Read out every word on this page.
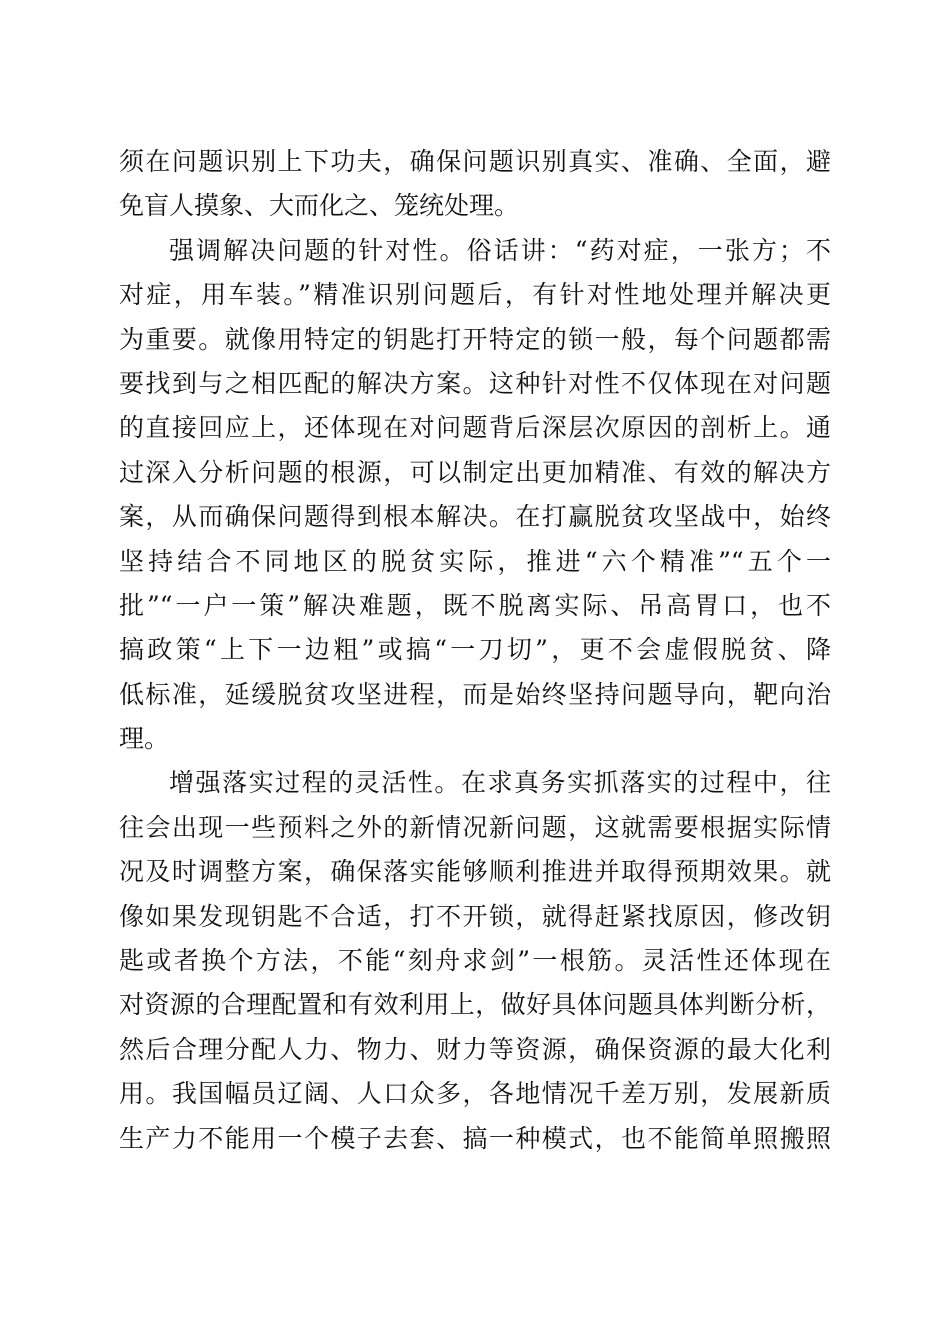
须在问题识别上下功夫，确保问题识别真实、准确、全面，避
免盲人摸象、大而化之、笼统处理。
强调解决问题的针对性。俗话讲：“药对症，一张方；不
对症，用车装。”精准识别问题后，有针对性地处理并解决更
为重要。就像用特定的钥匙打开特定的锁一般，每个问题都需
要找到与之相匹配的解决方案。这种针对性不仅体现在对问题
的直接回应上，还体现在对问题背后深层次原因的剖析上。通
过深入分析问题的根源，可以制定出更加精准、有效的解决方
案，从而确保问题得到根本解决。在打赢脱贫攻坚战中，始终
坚持结合不同地区的脱贫实际，推进“六个精准”“五个一
批”“一户一策”解决难题，既不脱离实际、吊高胃口，也不
搞政策“上下一边粗”或搞“一刀切”，更不会虚假脱贫、降
低标准，延缓脱贫攻坚进程，而是始终坚持问题导向，靶向治
理。
增强落实过程的灵活性。在求真务实抓落实的过程中，往
往会出现一些预料之外的新情况新问题，这就需要根据实际情
况及时调整方案，确保落实能够顺利推进并取得预期效果。就
像如果发现钥匙不合适，打不开锁，就得赶紧找原因，修改钥
匙或者换个方法，不能“刻舟求剑”一根筋。灵活性还体现在
对资源的合理配置和有效利用上，做好具体问题具体判断分析，
然后合理分配人力、物力、财力等资源，确保资源的最大化利
用。我国幅员辽阔、人口众多，各地情况千差万别，发展新质
生产力不能用一个模子去套、搞一种模式，也不能简单照搬照
